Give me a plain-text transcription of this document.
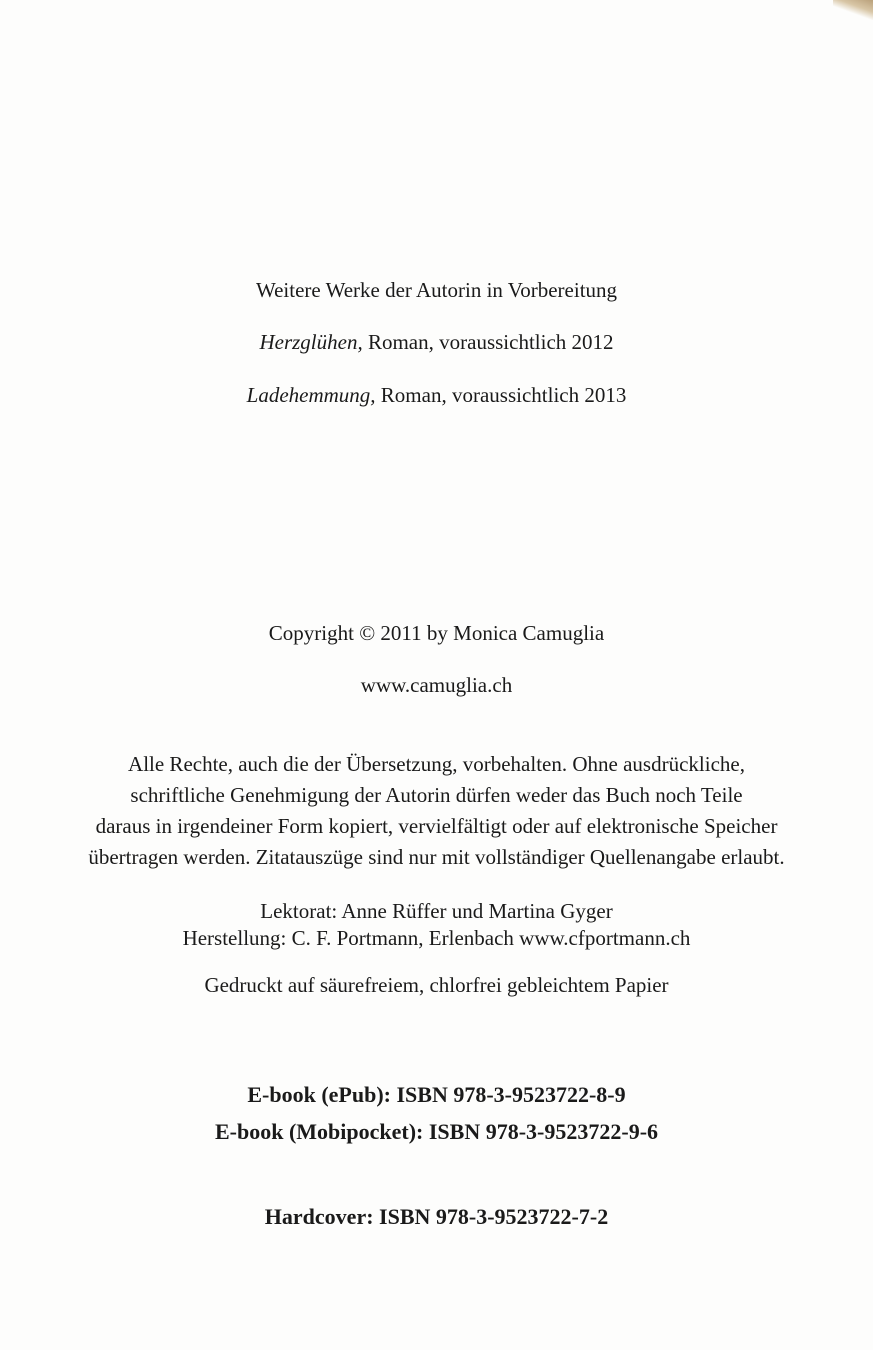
Weitere Werke der Autorin in Vorbereitung
Herzglühen, Roman, voraussichtlich 2012
Ladehemmung, Roman, voraussichtlich 2013
Copyright © 2011 by Monica Camuglia
www.camuglia.ch
Alle Rechte, auch die der Übersetzung, vorbehalten. Ohne ausdrückliche,
schriftliche Genehmigung der Autorin dürfen weder das Buch noch Teile
daraus in irgendeiner Form kopiert, vervielfältigt oder auf elektronische Speicher
übertragen werden. Zitatauszüge sind nur mit vollständiger Quellenangabe erlaubt.
Lektorat: Anne Rüffer und Martina Gyger
Herstellung: C. F. Portmann, Erlenbach www.cfportmann.ch
Gedruckt auf säurefreiem, chlorfrei gebleichtem Papier
E-book (ePub): ISBN 978-3-9523722-8-9
E-book (Mobipocket): ISBN 978-3-9523722-9-6
Hardcover: ISBN 978-3-9523722-7-2
